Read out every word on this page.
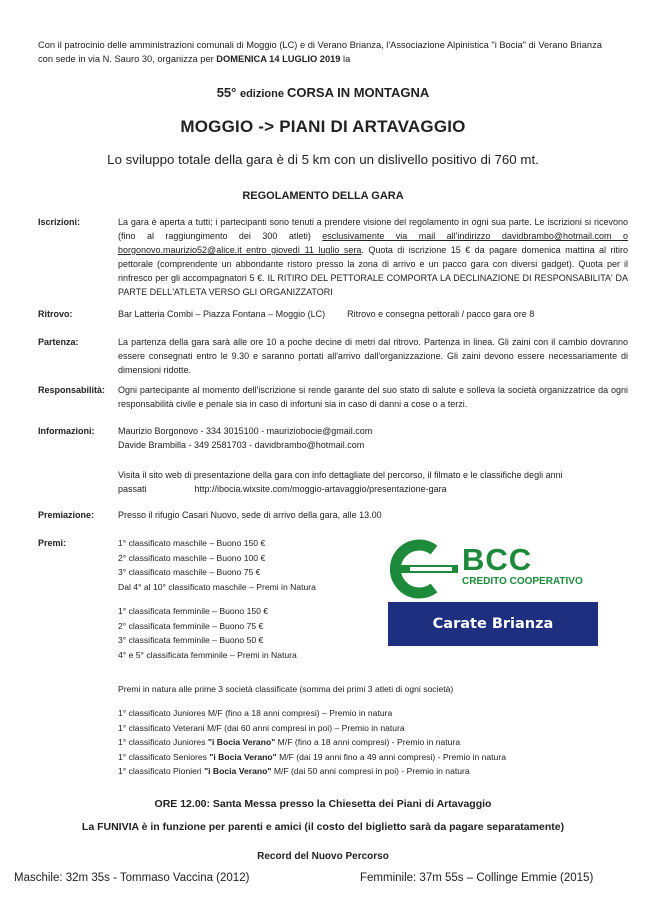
Con il patrocinio delle amministrazioni comunali di Moggio (LC) e di Verano Brianza, l'Associazione Alpinistica "i Bocia" di Verano Brianza con sede in via N. Sauro 30, organizza per DOMENICA 14 LUGLIO 2019 la
55° edizione CORSA IN MONTAGNA
MOGGIO -> PIANI DI ARTAVAGGIO
Lo sviluppo totale della gara è di 5 km con un dislivello positivo di 760 mt.
REGOLAMENTO DELLA GARA
Iscrizioni:	La gara è aperta a tutti; i partecipanti sono tenuti a prendere visione del regolamento in ogni sua parte. Le iscrizioni si ricevono (fino al raggiungimento dei 300 atleti) esclusivamente via mail all'indirizzo davidbrambo@hotmail.com o borgonovo.maurizio52@alice.it entro giovedì 11 luglio sera. Quota di iscrizione 15 € da pagare domenica mattina al ritiro pettorale (comprendente un abbondante ristoro presso la zona di arrivo e un pacco gara con diversi gadget). Quota per il rinfresco per gli accompagnatori 5 €. IL RITIRO DEL PETTORALE COMPORTA LA DECLINAZIONE DI RESPONSABILITA' DA PARTE DELL'ATLETA VERSO GLI ORGANIZZATORI
Ritrovo:	Bar Latteria Combi – Piazza Fontana – Moggio (LC) Ritrovo e consegna pettorali / pacco gara ore 8
Partenza:	La partenza della gara sarà alle ore 10 a poche decine di metri dal ritrovo. Partenza in linea. Gli zaini con il cambio dovranno essere consegnati entro le 9.30 e saranno portati all'arrivo dall'organizzazione. Gli zaini devono essere necessariamente di dimensioni ridotte.
Responsabilità: Ogni partecipante al momento dell'iscrizione si rende garante del suo stato di salute e solleva la società organizzatrice da ogni responsabilità civile e penale sia in caso di infortuni sia in caso di danni a cose o a terzi.
Informazioni:	Maurizio Borgonovo - 334 3015100 - mauriziobocie@gmail.com
Davide Brambilla - 349 2581703 - davidbrambo@hotmail.com
Visita il sito web di presentazione della gara con info dettagliate del percorso, il filmato e le classifiche degli anni
passati	http://ibocia.wixsite.com/moggio-artavaggio/presentazione-gara
Premiazione:	Presso il rifugio Casari Nuovo, sede di arrivo della gara, alle 13.00
Premi:	1° classificato maschile – Buono 150 €
2° classificato maschile – Buono 100 €
3° classificato maschile – Buono 75 €
Dal 4° al 10° classificato maschile – Premi in Natura
1° classificata femminile – Buono 150 €
2° classificata femminile – Buono 75 €
3° classificata femminile – Buono 50 €
4° e 5° classificata femminile – Premi in Natura
Premi in natura alle prime 3 società classificate (somma dei primi 3 atleti di ogni società)
1° classificato Juniores M/F (fino a 18 anni compresi) – Premio in natura
1° classificato Veterani M/F (dai 60 anni compresi in poi) – Premio in natura
1° classificato Juniores "i Bocia Verano" M/F (fino a 18 anni compresi) - Premio in natura
1° classificato Seniores "i Bocia Verano" M/F (dai 19 anni fino a 49 anni compresi) - Premio in natura
1° classificato Pionieri "i Bocia Verano" M/F (dai 50 anni compresi in poi) - Premio in natura
BCC
CREDITO COOPERATIVO
Carate Brianza
ORE 12.00: Santa Messa presso la Chiesetta dei Piani di Artavaggio
La FUNIVIA è in funzione per parenti e amici (il costo del biglietto sarà da pagare separatamente)
Record del Nuovo Percorso
Maschile: 32m 35s - Tommaso Vaccina (2012)	Femminile: 37m 55s – Collinge Emmie (2015)
